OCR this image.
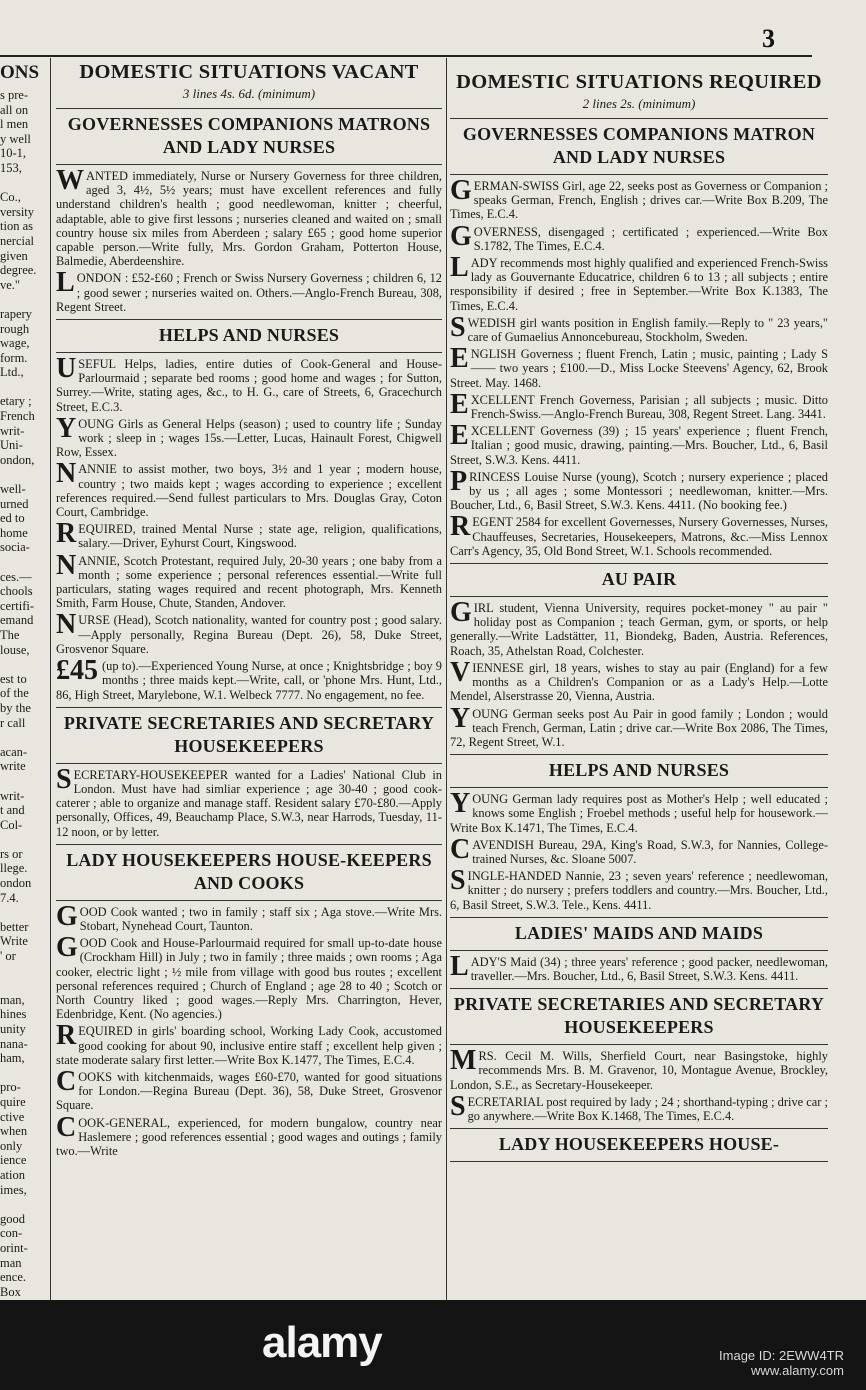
3
ONS
s pre-
all on
l men
y well
10-1,
153,

Co.,
versity
tion as
nercial
given
degree.
ve."

rapery
rough
wage,
form.
Ltd.,

etary ;
French
writ-
Uni-
ondon,

well-
urned
ed to
home
socia-

ces.—
chools
certifi-
emand
The
louse,

est to
of the
by the
r call

acan-
write

writ-
t and
Col-

rs or
llege.
ondon
7.4.

better
Write
' or

man,
hines
unity
nana-
ham,

pro-
quire
ctive
when
only
ience
ation
imes,

good
con-
orint-
man
ence.
Box
DOMESTIC SITUATIONS VACANT
3 lines 4s. 6d. (minimum)
GOVERNESSES COMPANIONS MATRONS AND LADY NURSES
WANTED immediately, Nurse or Nursery Governess for three children, aged 3, 4½, 5½ years; must have excellent references and fully understand children's health ; good needlewoman, knitter ; cheerful, adaptable, able to give first lessons ; nurseries cleaned and waited on ; small country house six miles from Aberdeen ; salary £65 ; good home superior capable person.—Write fully, Mrs. Gordon Graham, Potterton House, Balmedie, Aberdeenshire.
LONDON : £52-£60 ; French or Swiss Nursery Governess ; children 6, 12 ; good sewer ; nurseries waited on. Others.—Anglo-French Bureau, 308, Regent Street.
HELPS AND NURSES
USEFUL Helps, ladies, entire duties of Cook-General and House-Parlourmaid ; separate bed rooms ; good home and wages ; for Sutton, Surrey.—Write, stating ages, &c., to H. G., care of Streets, 6, Gracechurch Street, E.C.3.
YOUNG Girls as General Helps (season) ; used to country life ; Sunday work ; sleep in ; wages 15s.—Letter, Lucas, Hainault Forest, Chigwell Row, Essex.
NANNIE to assist mother, two boys, 3½ and 1 year ; modern house, country ; two maids kept ; wages according to experience ; excellent references required.—Send fullest particulars to Mrs. Douglas Gray, Coton Court, Cambridge.
REQUIRED, trained Mental Nurse ; state age, religion, qualifications, salary.—Driver, Eyhurst Court, Kingswood.
NANNIE, Scotch Protestant, required July, 20-30 years ; one baby from a month ; some experience ; personal references essential.—Write full particulars, stating wages required and recent photograph, Mrs. Kenneth Smith, Farm House, Chute, Standen, Andover.
NURSE (Head), Scotch nationality, wanted for country post ; good salary.—Apply personally, Regina Bureau (Dept. 26), 58, Duke Street, Grosvenor Square.
£45 (up to).—Experienced Young Nurse, at once ; Knightsbridge ; boy 9 months ; three maids kept.—Write, call, or 'phone Mrs. Hunt, Ltd., 86, High Street, Marylebone, W.1. Welbeck 7777. No engagement, no fee.
PRIVATE SECRETARIES AND SECRETARY HOUSEKEEPERS
SECRETARY-HOUSEKEEPER wanted for a Ladies' National Club in London. Must have had simliar experience ; age 30-40 ; good cook-caterer ; able to organize and manage staff. Resident salary £70-£80.—Apply personally, Offices, 49, Beauchamp Place, S.W.3, near Harrods, Tuesday, 11-12 noon, or by letter.
LADY HOUSEKEEPERS HOUSE-KEEPERS AND COOKS
GOOD Cook wanted ; two in family ; staff six ; Aga stove.—Write Mrs. Stobart, Nynehead Court, Taunton.
GOOD Cook and House-Parlourmaid required for small up-to-date house (Crockham Hill) in July ; two in family ; three maids ; own rooms ; Aga cooker, electric light ; ½ mile from village with good bus routes ; excellent personal references required ; Church of England ; age 28 to 40 ; Scotch or North Country liked ; good wages.—Reply Mrs. Charrington, Hever, Edenbridge, Kent. (No agencies.)
REQUIRED in girls' boarding school, Working Lady Cook, accustomed good cooking for about 90, inclusive entire staff ; excellent help given ; state moderate salary first letter.—Write Box K.1477, The Times, E.C.4.
COOKS with kitchenmaids, wages £60-£70, wanted for good situations for London.—Regina Bureau (Dept. 36), 58, Duke Street, Grosvenor Square.
COOK-GENERAL, experienced, for modern bungalow, country near Haslemere ; good references essential ; good wages and outings ; family two.—Write
DOMESTIC SITUATIONS REQUIRED
2 lines 2s. (minimum)
GOVERNESSES COMPANIONS MATRON AND LADY NURSES
GERMAN-SWISS Girl, age 22, seeks post as Governess or Companion ; speaks German, French, English ; drives car.—Write Box B.209, The Times, E.C.4.
GOVERNESS, disengaged ; certificated ; experienced.—Write Box S.1782, The Times, E.C.4.
LADY recommends most highly qualified and experienced French-Swiss lady as Gouvernante Educatrice, children 6 to 13 ; all subjects ; entire responsibility if desired ; free in September.—Write Box K.1383, The Times, E.C.4.
SWEDISH girl wants position in English family.—Reply to " 23 years," care of Gumaelius Annoncebureau, Stockholm, Sweden.
ENGLISH Governess ; fluent French, Latin ; music, painting ; Lady S—— two years ; £100.—D., Miss Locke Steevens' Agency, 62, Brook Street. May. 1468.
EXCELLENT French Governess, Parisian ; all subjects ; music. Ditto French-Swiss.—Anglo-French Bureau, 308, Regent Street. Lang. 3441.
EXCELLENT Governess (39) ; 15 years' experience ; fluent French, Italian ; good music, drawing, painting.—Mrs. Boucher, Ltd., 6, Basil Street, S.W.3. Kens. 4411.
PRINCESS Louise Nurse (young), Scotch ; nursery experience ; placed by us ; all ages ; some Montessori ; needlewoman, knitter.—Mrs. Boucher, Ltd., 6, Basil Street, S.W.3. Kens. 4411. (No booking fee.)
REGENT 2584 for excellent Governesses, Nursery Governesses, Nurses, Chauffeuses, Secretaries, Housekeepers, Matrons, &c.—Miss Lennox Carr's Agency, 35, Old Bond Street, W.1. Schools recommended.
AU PAIR
GIRL student, Vienna University, requires pocket-money " au pair " holiday post as Companion ; teach German, gym, or sports, or help generally.—Write Ladstätter, 11, Biondekg, Baden, Austria. References, Roach, 35, Athelstan Road, Colchester.
VIENNESE girl, 18 years, wishes to stay au pair (England) for a few months as a Children's Companion or as a Lady's Help.—Lotte Mendel, Alserstrasse 20, Vienna, Austria.
YOUNG German seeks post Au Pair in good family ; London ; would teach French, German, Latin ; drive car.—Write Box 2086, The Times, 72, Regent Street, W.1.
HELPS AND NURSES
YOUNG German lady requires post as Mother's Help ; well educated ; knows some English ; Froebel methods ; useful help for housework.—Write Box K.1471, The Times, E.C.4.
CAVENDISH Bureau, 29A, King's Road, S.W.3, for Nannies, College-trained Nurses, &c. Sloane 5007.
SINGLE-HANDED Nannie, 23 ; seven years' reference ; needlewoman, knitter ; do nursery ; prefers toddlers and country.—Mrs. Boucher, Ltd., 6, Basil Street, S.W.3. Tele., Kens. 4411.
LADIES' MAIDS AND MAIDS
LADY'S Maid (34) ; three years' reference ; good packer, needlewoman, traveller.—Mrs. Boucher, Ltd., 6, Basil Street, S.W.3. Kens. 4411.
PRIVATE SECRETARIES AND SECRETARY HOUSEKEEPERS
MRS. Cecil M. Wills, Sherfield Court, near Basingstoke, highly recommends Mrs. B. M. Gravenor, 10, Montague Avenue, Brockley, London, S.E., as Secretary-Housekeeper.
SECRETARIAL post required by lady ; 24 ; shorthand-typing ; drive car ; go anywhere.—Write Box K.1468, The Times, E.C.4.
LADY HOUSEKEEPERS HOUSE-
alamy	Image ID: 2EWW4TR
www.alamy.com
